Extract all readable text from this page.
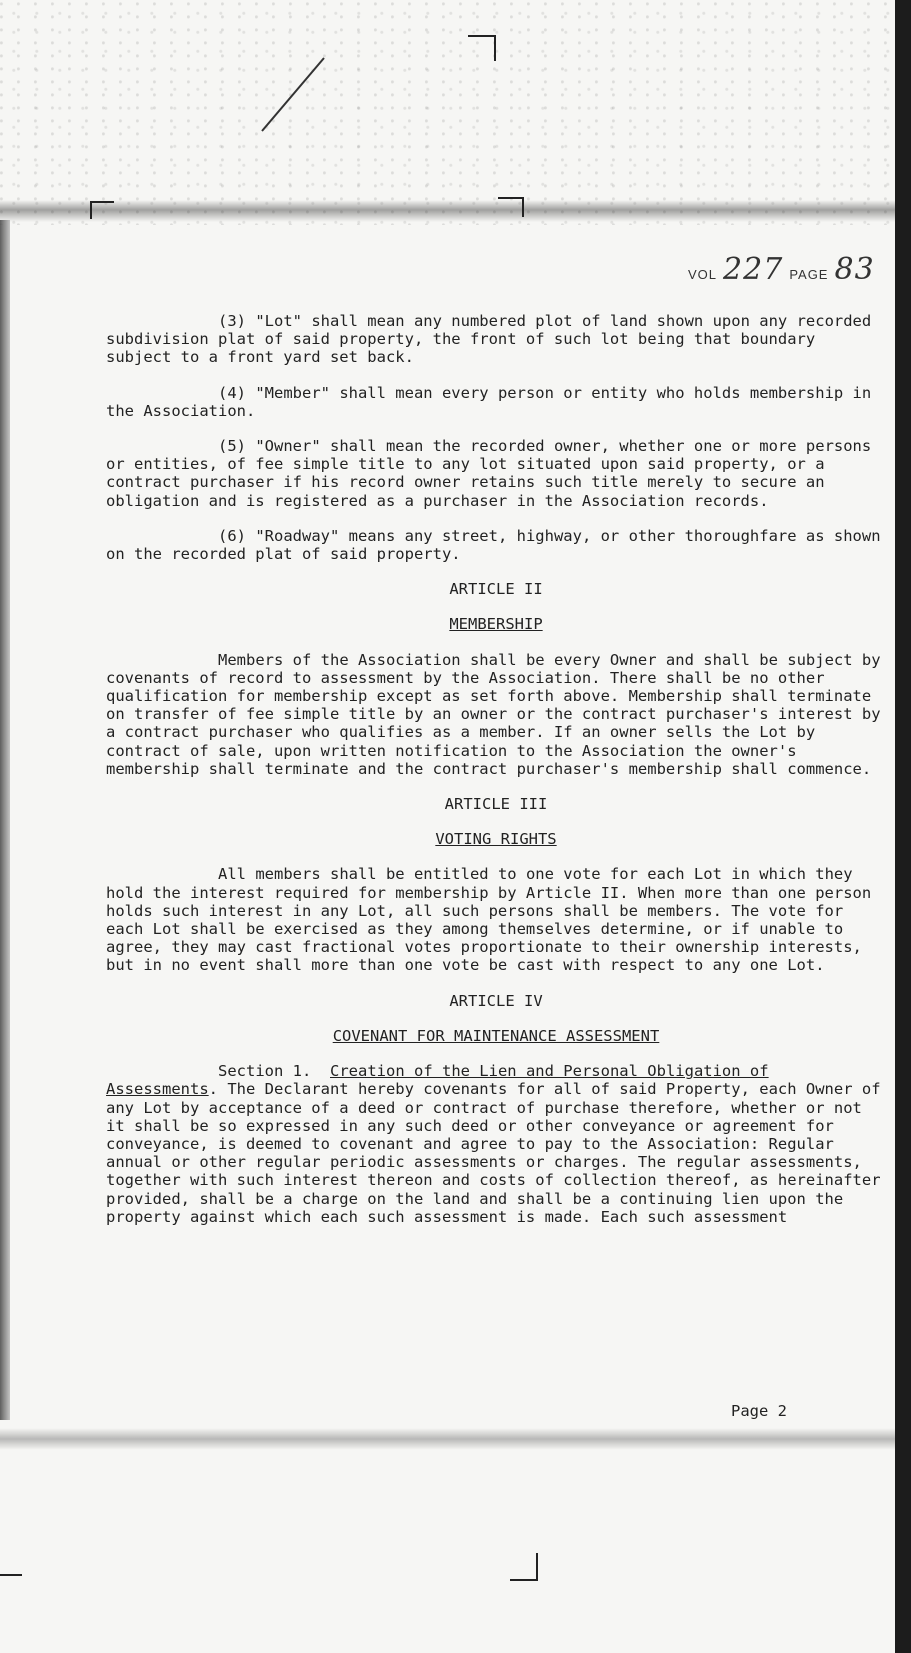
VOL 227 PAGE 83

(3) "Lot" shall mean any numbered plot of land shown upon any recorded subdivision plat of said property, the front of such lot being that boundary subject to a front yard set back.

(4) "Member" shall mean every person or entity who holds membership in the Association.

(5) "Owner" shall mean the recorded owner, whether one or more persons or entities, of fee simple title to any lot situated upon said property, or a contract purchaser if his record owner retains such title merely to secure an obligation and is registered as a purchaser in the Association records.

(6) "Roadway" means any street, highway, or other thoroughfare as shown on the recorded plat of said property.

ARTICLE II
MEMBERSHIP

Members of the Association shall be every Owner and shall be subject by covenants of record to assessment by the Association. There shall be no other qualification for membership except as set forth above. Membership shall terminate on transfer of fee simple title by an owner or the contract purchaser's interest by a contract purchaser who qualifies as a member. If an owner sells the Lot by contract of sale, upon written notification to the Association the owner's membership shall terminate and the contract purchaser's membership shall commence.

ARTICLE III
VOTING RIGHTS

All members shall be entitled to one vote for each Lot in which they hold the interest required for membership by Article II. When more than one person holds such interest in any Lot, all such persons shall be members. The vote for each Lot shall be exercised as they among themselves determine, or if unable to agree, they may cast fractional votes proportionate to their ownership interests, but in no event shall more than one vote be cast with respect to any one Lot.

ARTICLE IV
COVENANT FOR MAINTENANCE ASSESSMENT

Section 1. Creation of the Lien and Personal Obligation of Assessments. The Declarant hereby covenants for all of said Property, each Owner of any Lot by acceptance of a deed or contract of purchase therefore, whether or not it shall be so expressed in any such deed or other conveyance or agreement for conveyance, is deemed to covenant and agree to pay to the Association: Regular annual or other regular periodic assessments or charges. The regular assessments, together with such interest thereon and costs of collection thereof, as hereinafter provided, shall be a charge on the land and shall be a continuing lien upon the property against which each such assessment is made. Each such assessment

Page 2
